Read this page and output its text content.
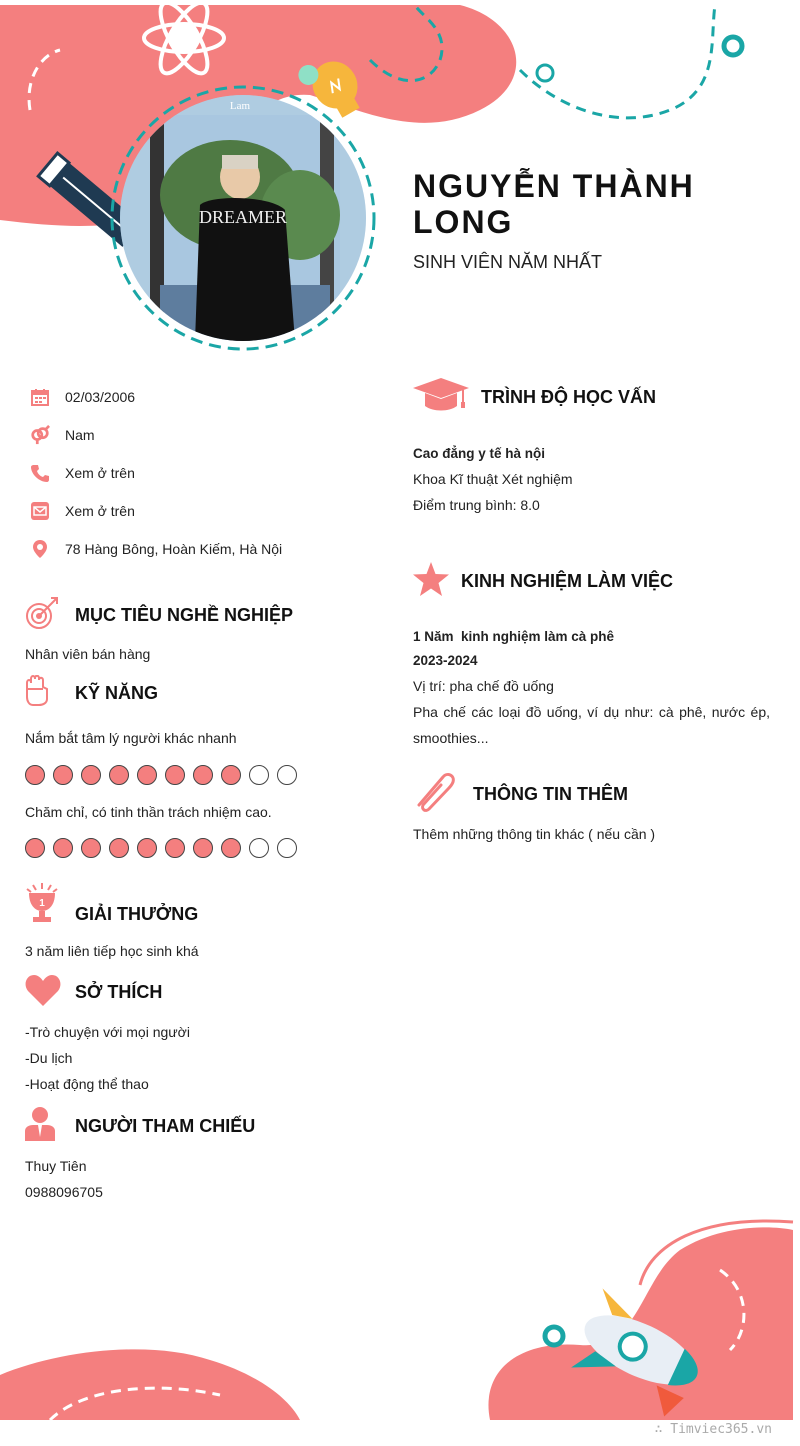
DREAMER
Lam
NGUYỄN THÀNH LONG
SINH VIÊN NĂM NHẤT
02/03/2006
Nam
Xem ở trên
Xem ở trên
78 Hàng Bông, Hoàn Kiếm, Hà Nội
MỤC TIÊU NGHỀ NGHIỆP
Nhân viên bán hàng
KỸ NĂNG
Nắm bắt tâm lý người khác nhanh
Chăm chỉ, có tinh thần trách nhiệm cao.
1
GIẢI THƯỞNG
3 năm liên tiếp học sinh khá
SỞ THÍCH
-Trò chuyện với mọi người
-Du lịch
-Hoạt động thể thao
NGƯỜI THAM CHIẾU
Thuy Tiên
0988096705
TRÌNH ĐỘ HỌC VẤN
Cao đẳng y tế hà nội
Khoa Kĩ thuật Xét nghiệm
Điểm trung bình: 8.0
KINH NGHIỆM LÀM VIỆC
1 Năm  kinh nghiệm làm cà phê
2023-2024
Vị trí: pha chế đồ uống
Pha chế các loại đồ uống, ví dụ như: cà phê, nước ép, smoothies...
THÔNG TIN THÊM
Thêm những thông tin khác ( nếu cần )
∴ Timviec365.vn
